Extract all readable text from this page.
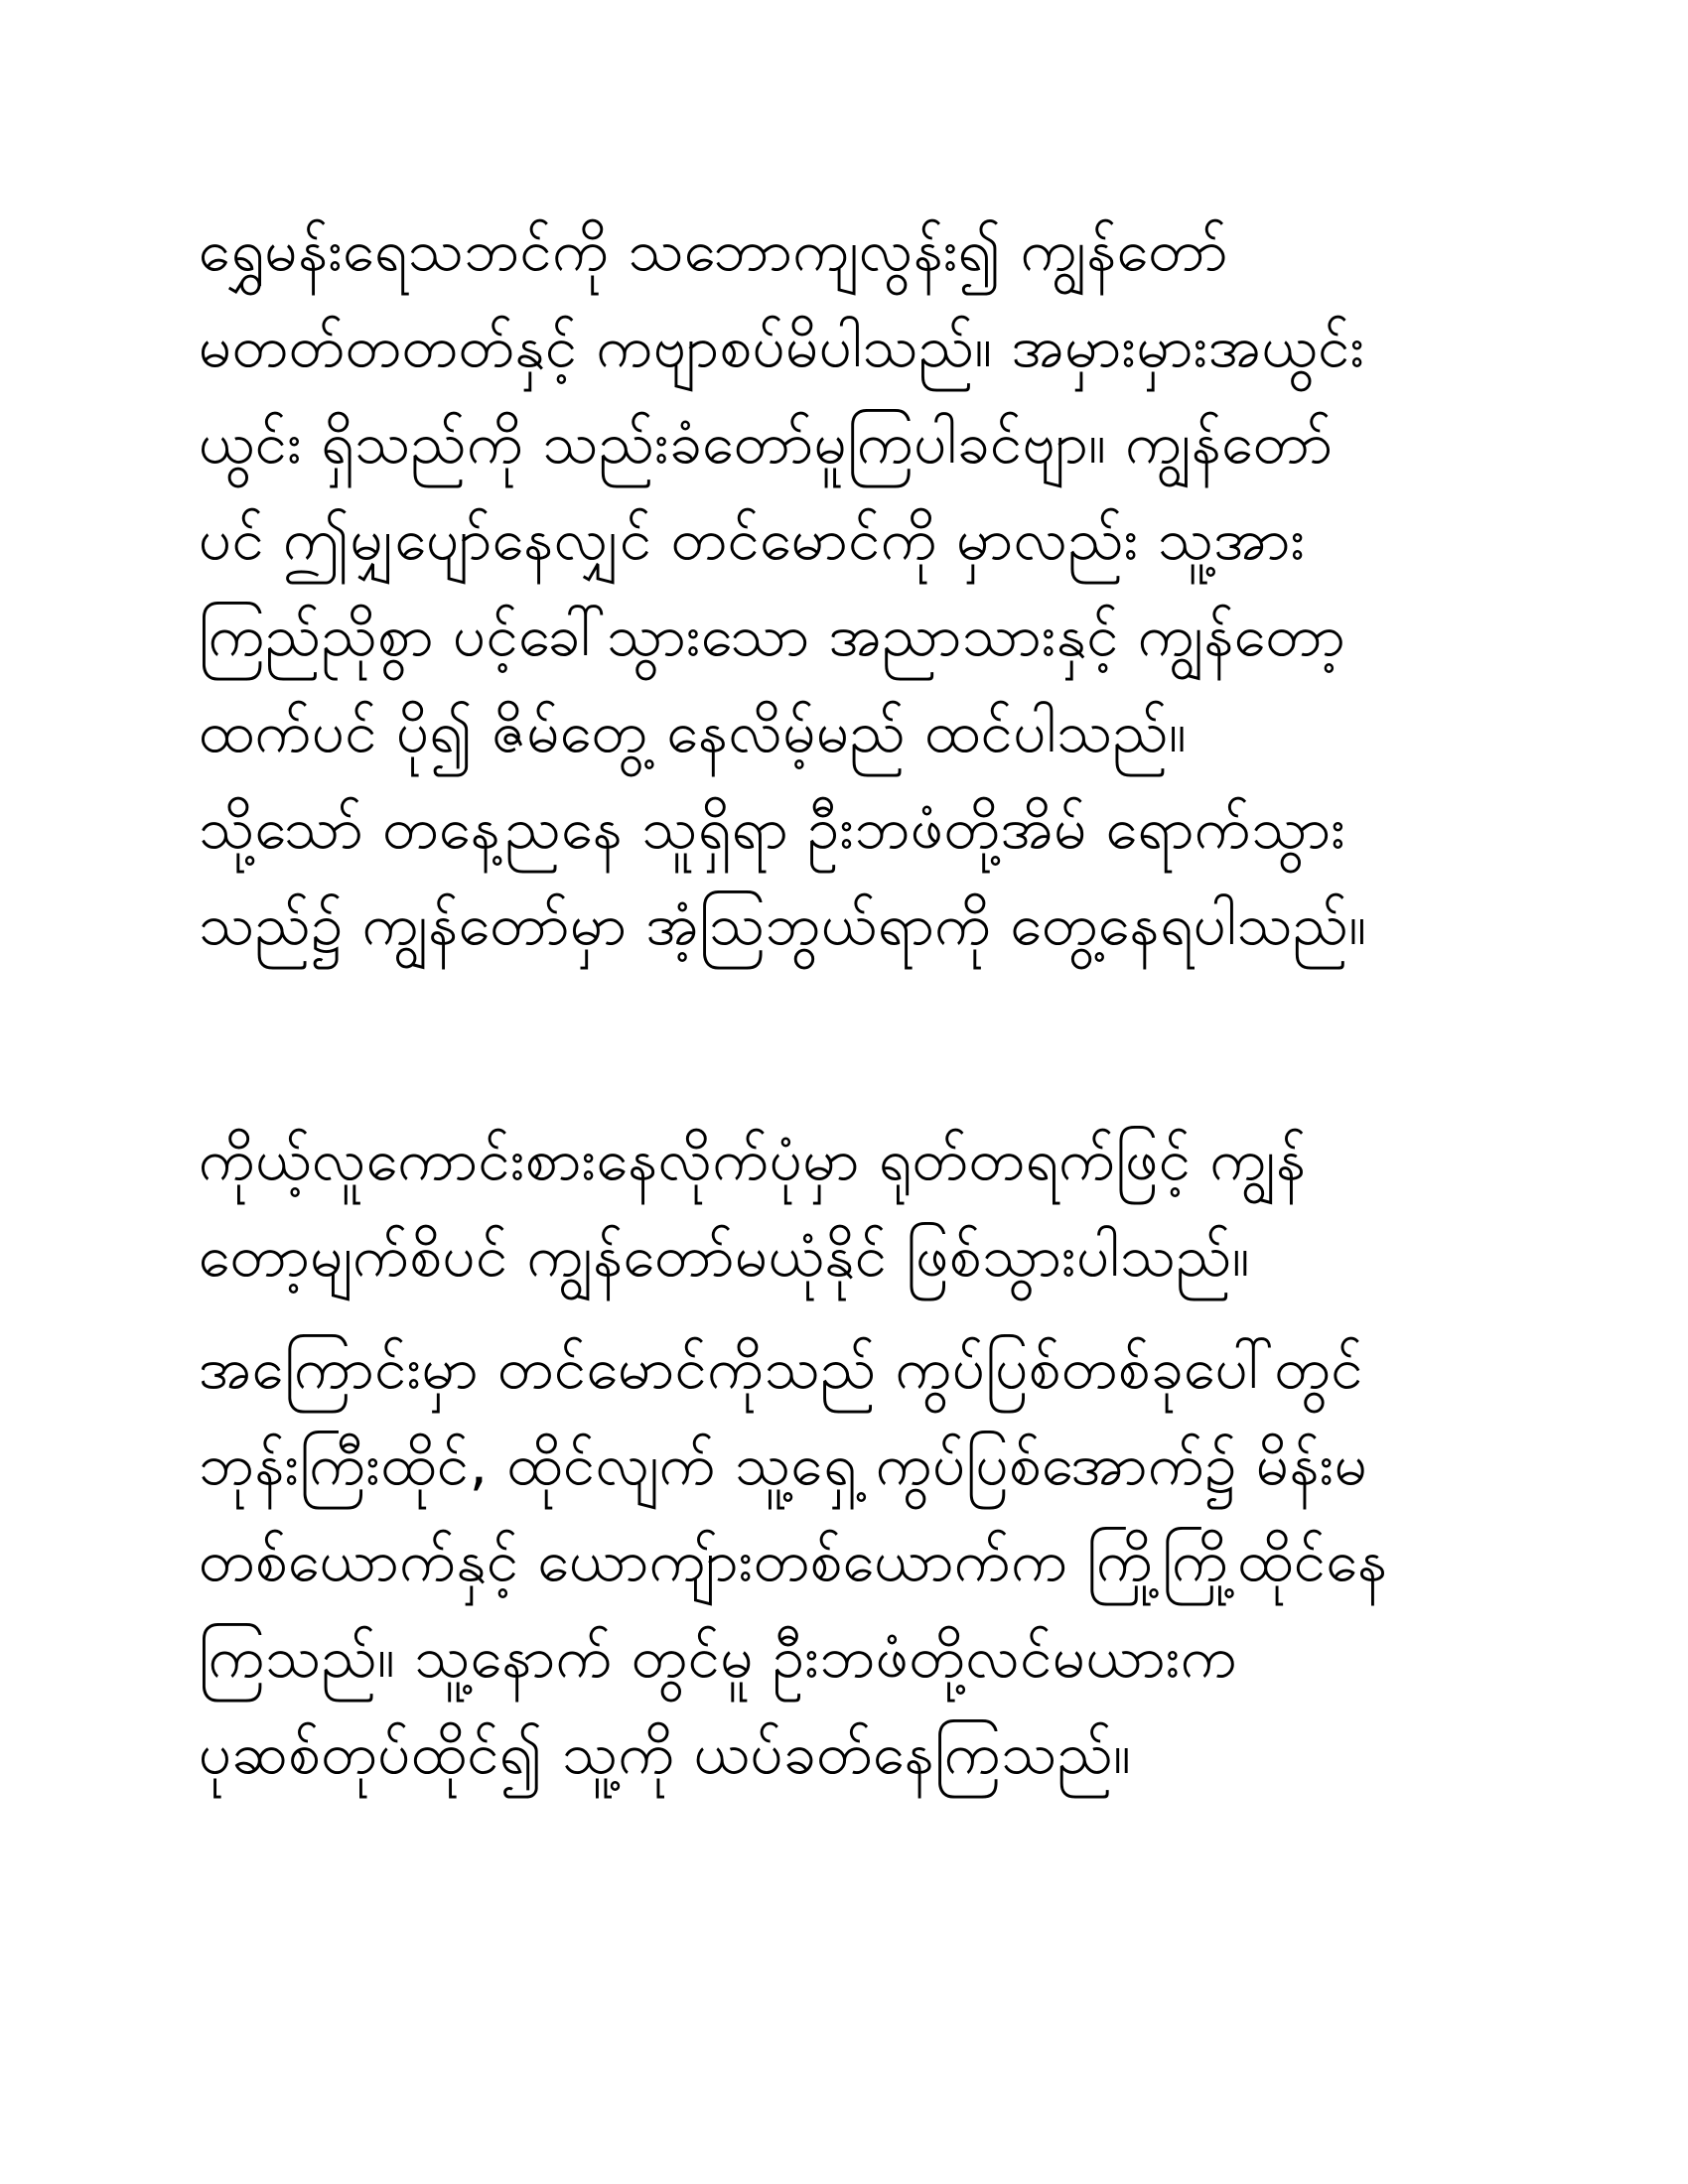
ရွှေမန်းရေသဘင်ကို သဘောကျလွန်း၍ ကျွန်တော်
မတတ်တတတ်နှင့် ကဗျာစပ်မိပါသည်။ အမှားမှားအယွင်း
ယွင်း ရှိသည်ကို သည်းခံတော်မူကြပါခင်ဗျာ။ ကျွန်တော်
ပင် ဤမျှပျော်နေလျှင် တင်မောင်ကို မှာလည်း သူ့အား
ကြည်ညိုစွာ ပင့်ခေါ်သွားသော အညာသားနှင့် ကျွန်တော့
ထက်ပင် ပို၍ ဇိမ်တွေ့ နေလိမ့်မည် ထင်ပါသည်။
သို့သော် တနေ့ညနေ သူရှိရာ ဦးဘဖံတို့အိမ် ရောက်သွား
သည်၌ ကျွန်တော်မှာ အံ့သြဘွယ်ရာကို တွေ့နေရပါသည်။
ကိုယ့်လူကောင်းစားနေလိုက်ပုံမှာ ရုတ်တရက်ဖြင့် ကျွန်
တော့မျက်စိပင် ကျွန်တော်မယုံနိုင် ဖြစ်သွားပါသည်။
အကြောင်းမှာ တင်မောင်ကိုသည် ကွပ်ပြစ်တစ်ခုပေါ်တွင်
ဘုန်းကြီးထိုင်, ထိုင်လျက် သူ့ရှေ့ ကွပ်ပြစ်အောက်၌ မိန်းမ
တစ်ယောက်နှင့် ယောကျ်ားတစ်ယောက်က ကြို့ကြို့ထိုင်နေ
ကြသည်။ သူ့နောက် တွင်မူ ဦးဘဖံတို့လင်မယားက
ပုဆစ်တုပ်ထိုင်၍ သူ့ကို ယပ်ခတ်နေကြသည်။
